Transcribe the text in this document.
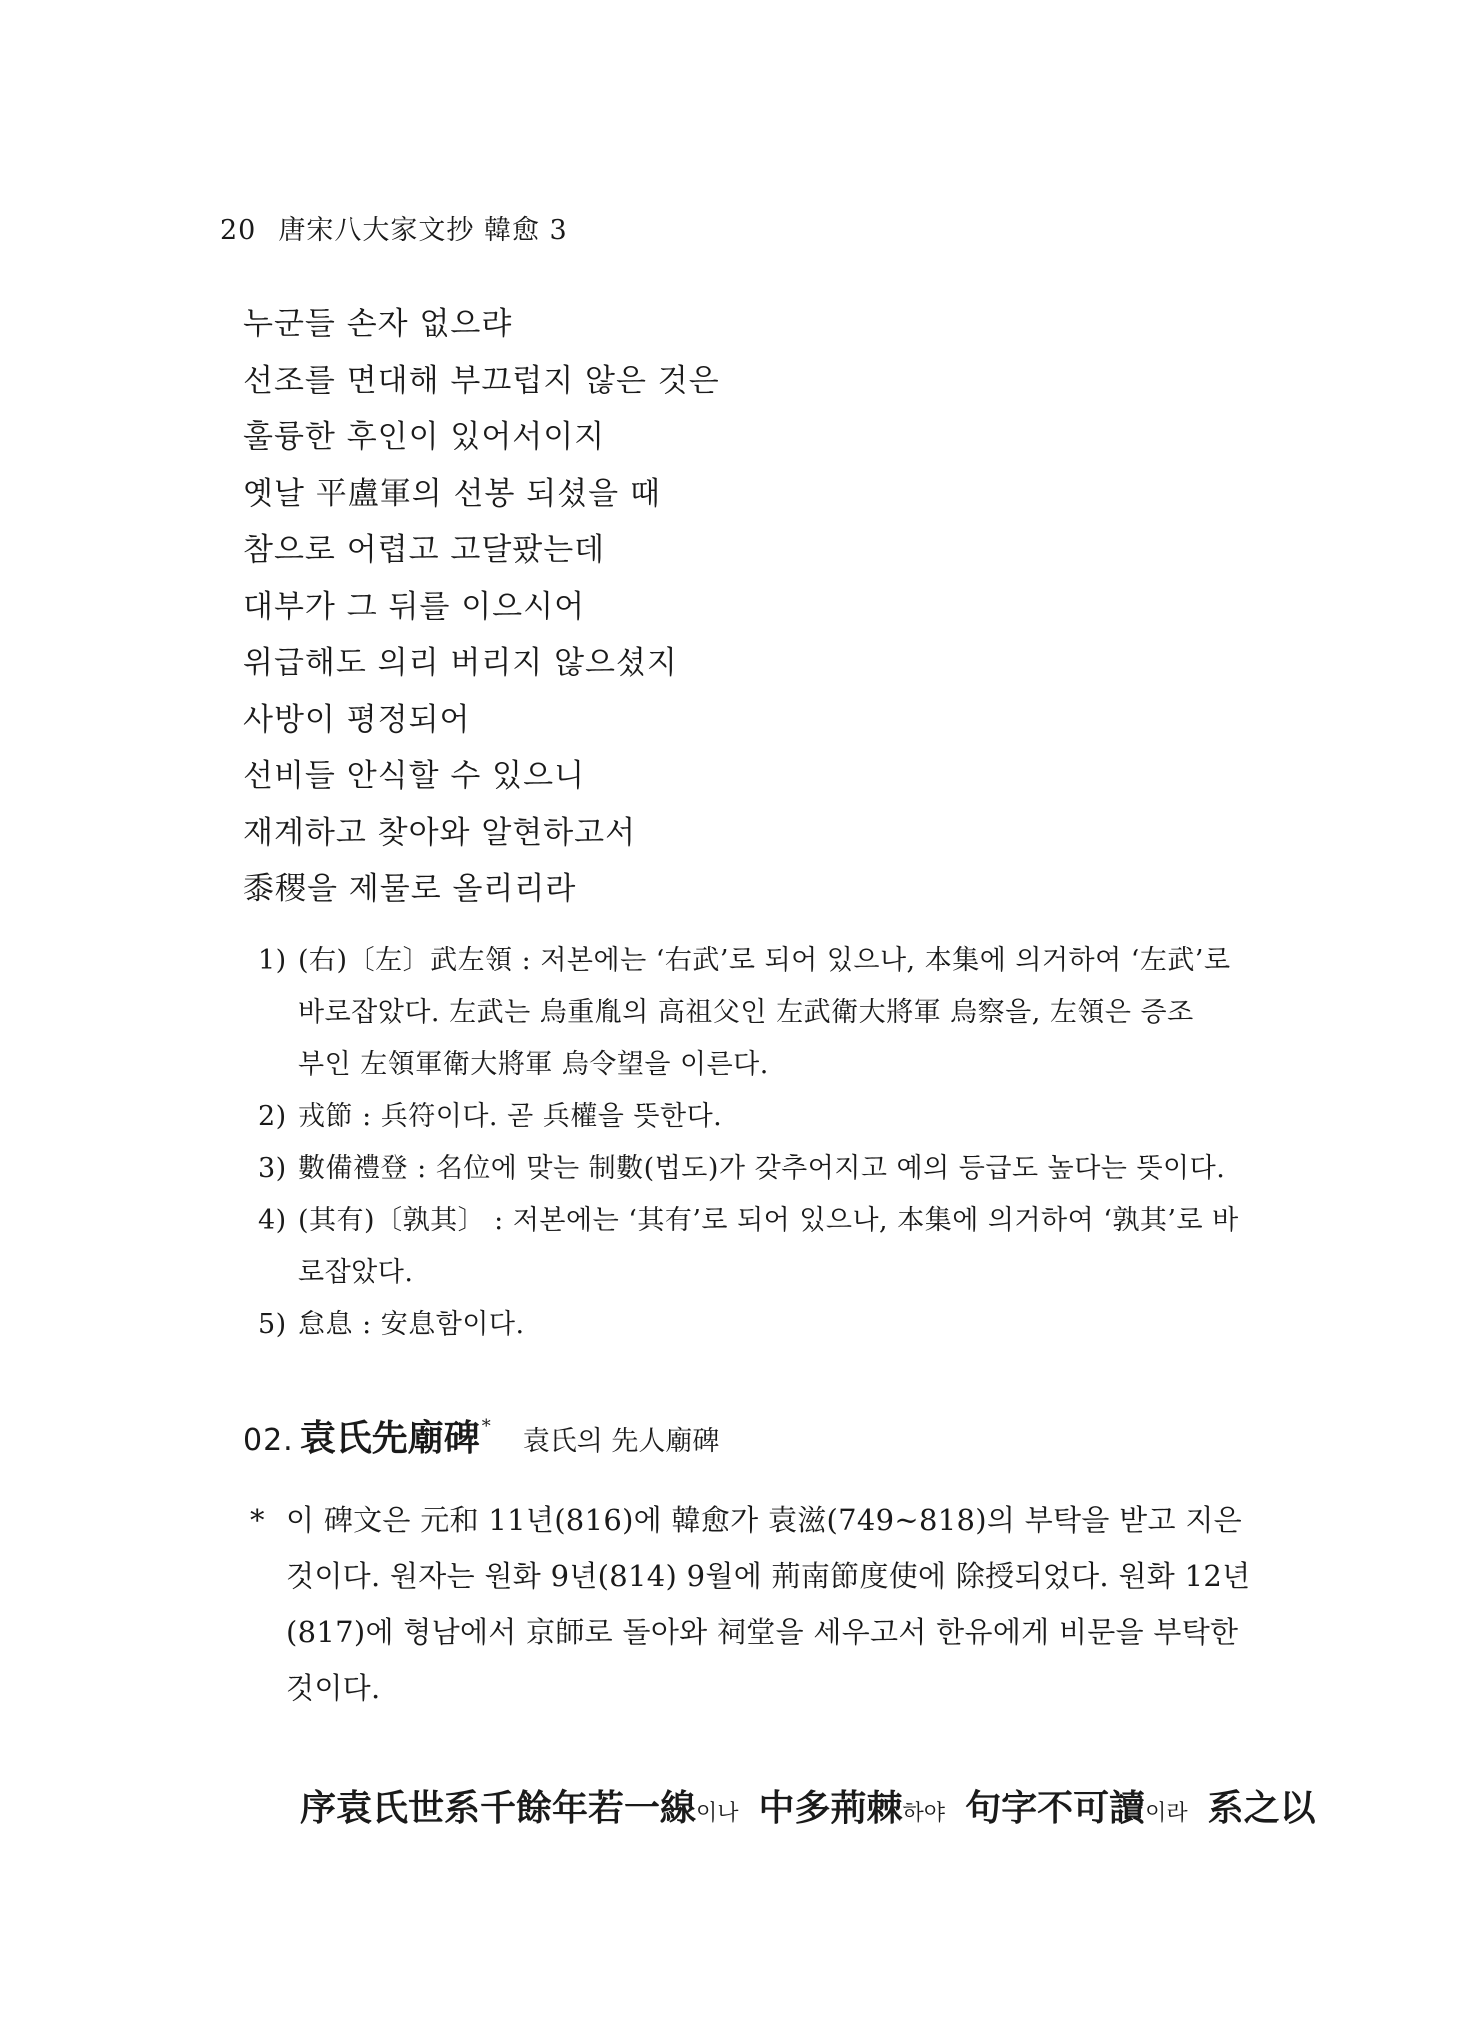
20 唐宋八大家文抄 韓愈 3
누군들 손자 없으랴
선조를 면대해 부끄럽지 않은 것은
훌륭한 후인이 있어서이지
옛날 平盧軍의 선봉 되셨을 때
참으로 어렵고 고달팠는데
대부가 그 뒤를 이으시어
위급해도 의리 버리지 않으셨지
사방이 평정되어
선비들 안식할 수 있으니
재계하고 찾아와 알현하고서
黍稷을 제물로 올리리라
1) (右)〔左〕武左領 : 저본에는 ‘右武’로 되어 있으나, 本集에 의거하여 ‘左武’로
바로잡았다. 左武는 烏重胤의 高祖父인 左武衛大將軍 烏察을, 左領은 증조
부인 左領軍衛大將軍 烏令望을 이른다.
2) 戎節 : 兵符이다. 곧 兵權을 뜻한다.
3) 數備禮登 : 名位에 맞는 制數(법도)가 갖추어지고 예의 등급도 높다는 뜻이다.
4) (其有)〔孰其〕 : 저본에는 ‘其有’로 되어 있으나, 本集에 의거하여 ‘孰其’로 바
로잡았다.
5) 怠息 : 安息함이다.
02. 袁氏先廟碑 * 袁氏의 先人廟碑
* 이 碑文은 元和 11년(816)에 韓愈가 袁滋(749~818)의 부탁을 받고 지은
것이다. 원자는 원화 9년(814) 9월에 荊南節度使에 除授되었다. 원화 12년
(817)에 형남에서 京師로 돌아와 祠堂을 세우고서 한유에게 비문을 부탁한
것이다.
序袁氏世系千餘年若一線이나 中多荊棘하야 句字不可讀이라 系之以
